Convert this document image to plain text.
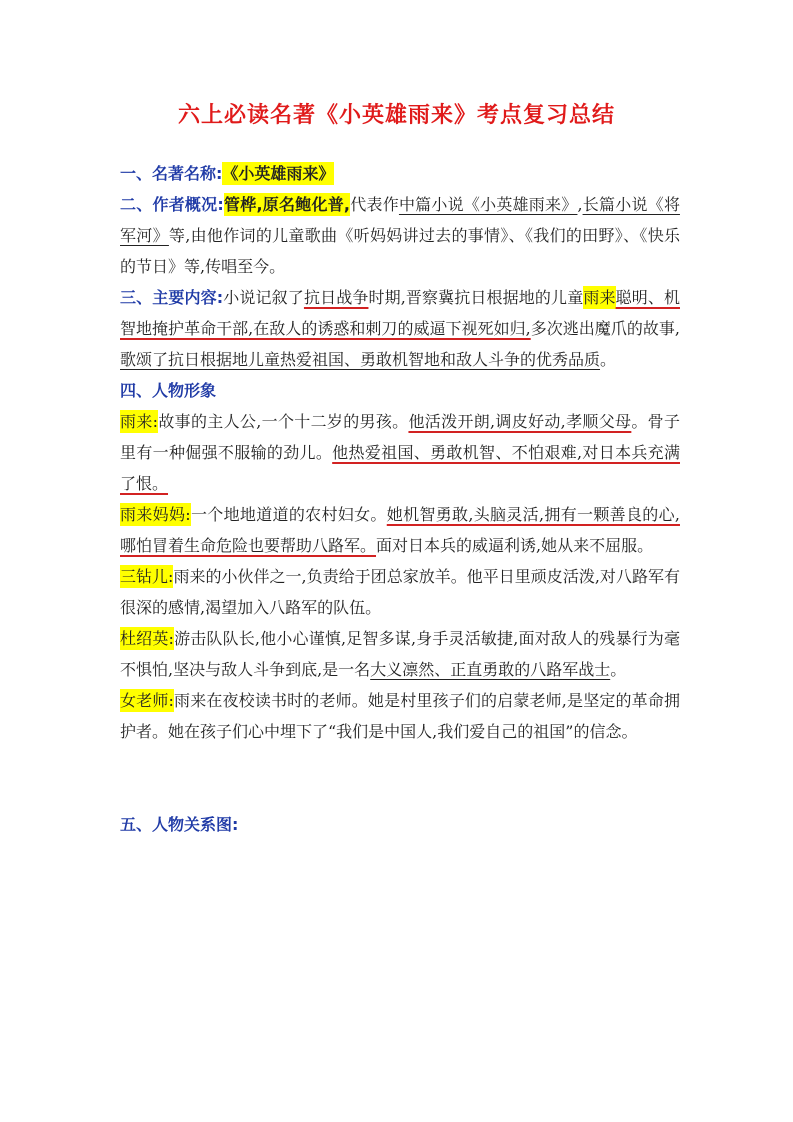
六上必读名著《小英雄雨来》考点复习总结

一、名著名称:《小英雄雨来》

二、作者概况:管桦,原名鲍化普,代表作中篇小说《小英雄雨来》,长篇小说《将军河》等,由他作词的儿童歌曲《听妈妈讲过去的事情》、《我们的田野》、《快乐的节日》等,传唱至今。

三、主要内容:小说记叙了抗日战争时期,晋察冀抗日根据地的儿童雨来聪明、机智地掩护革命干部,在敌人的诱惑和刺刀的威逼下视死如归,多次逃出魔爪的故事,歌颂了抗日根据地儿童热爱祖国、勇敢机智地和敌人斗争的优秀品质。

四、人物形象

雨来:故事的主人公,一个十二岁的男孩。他活泼开朗,调皮好动,孝顺父母。骨子里有一种倔强不服输的劲儿。他热爱祖国、勇敢机智、不怕艰难,对日本兵充满了恨。

雨来妈妈:一个地地道道的农村妇女。她机智勇敢,头脑灵活,拥有一颗善良的心,哪怕冒着生命危险也要帮助八路军。面对日本兵的威逼利诱,她从来不屈服。

三钻儿:雨来的小伙伴之一,负责给于团总家放羊。他平日里顽皮活泼,对八路军有很深的感情,渴望加入八路军的队伍。

杜绍英:游击队队长,他小心谨慎,足智多谋,身手灵活敏捷,面对敌人的残暴行为毫不惧怕,坚决与敌人斗争到底,是一名大义凛然、正直勇敢的八路军战士。

女老师:雨来在夜校读书时的老师。她是村里孩子们的启蒙老师,是坚定的革命拥护者。她在孩子们心中埋下了“我们是中国人,我们爱自己的祖国”的信念。

五、人物关系图:
